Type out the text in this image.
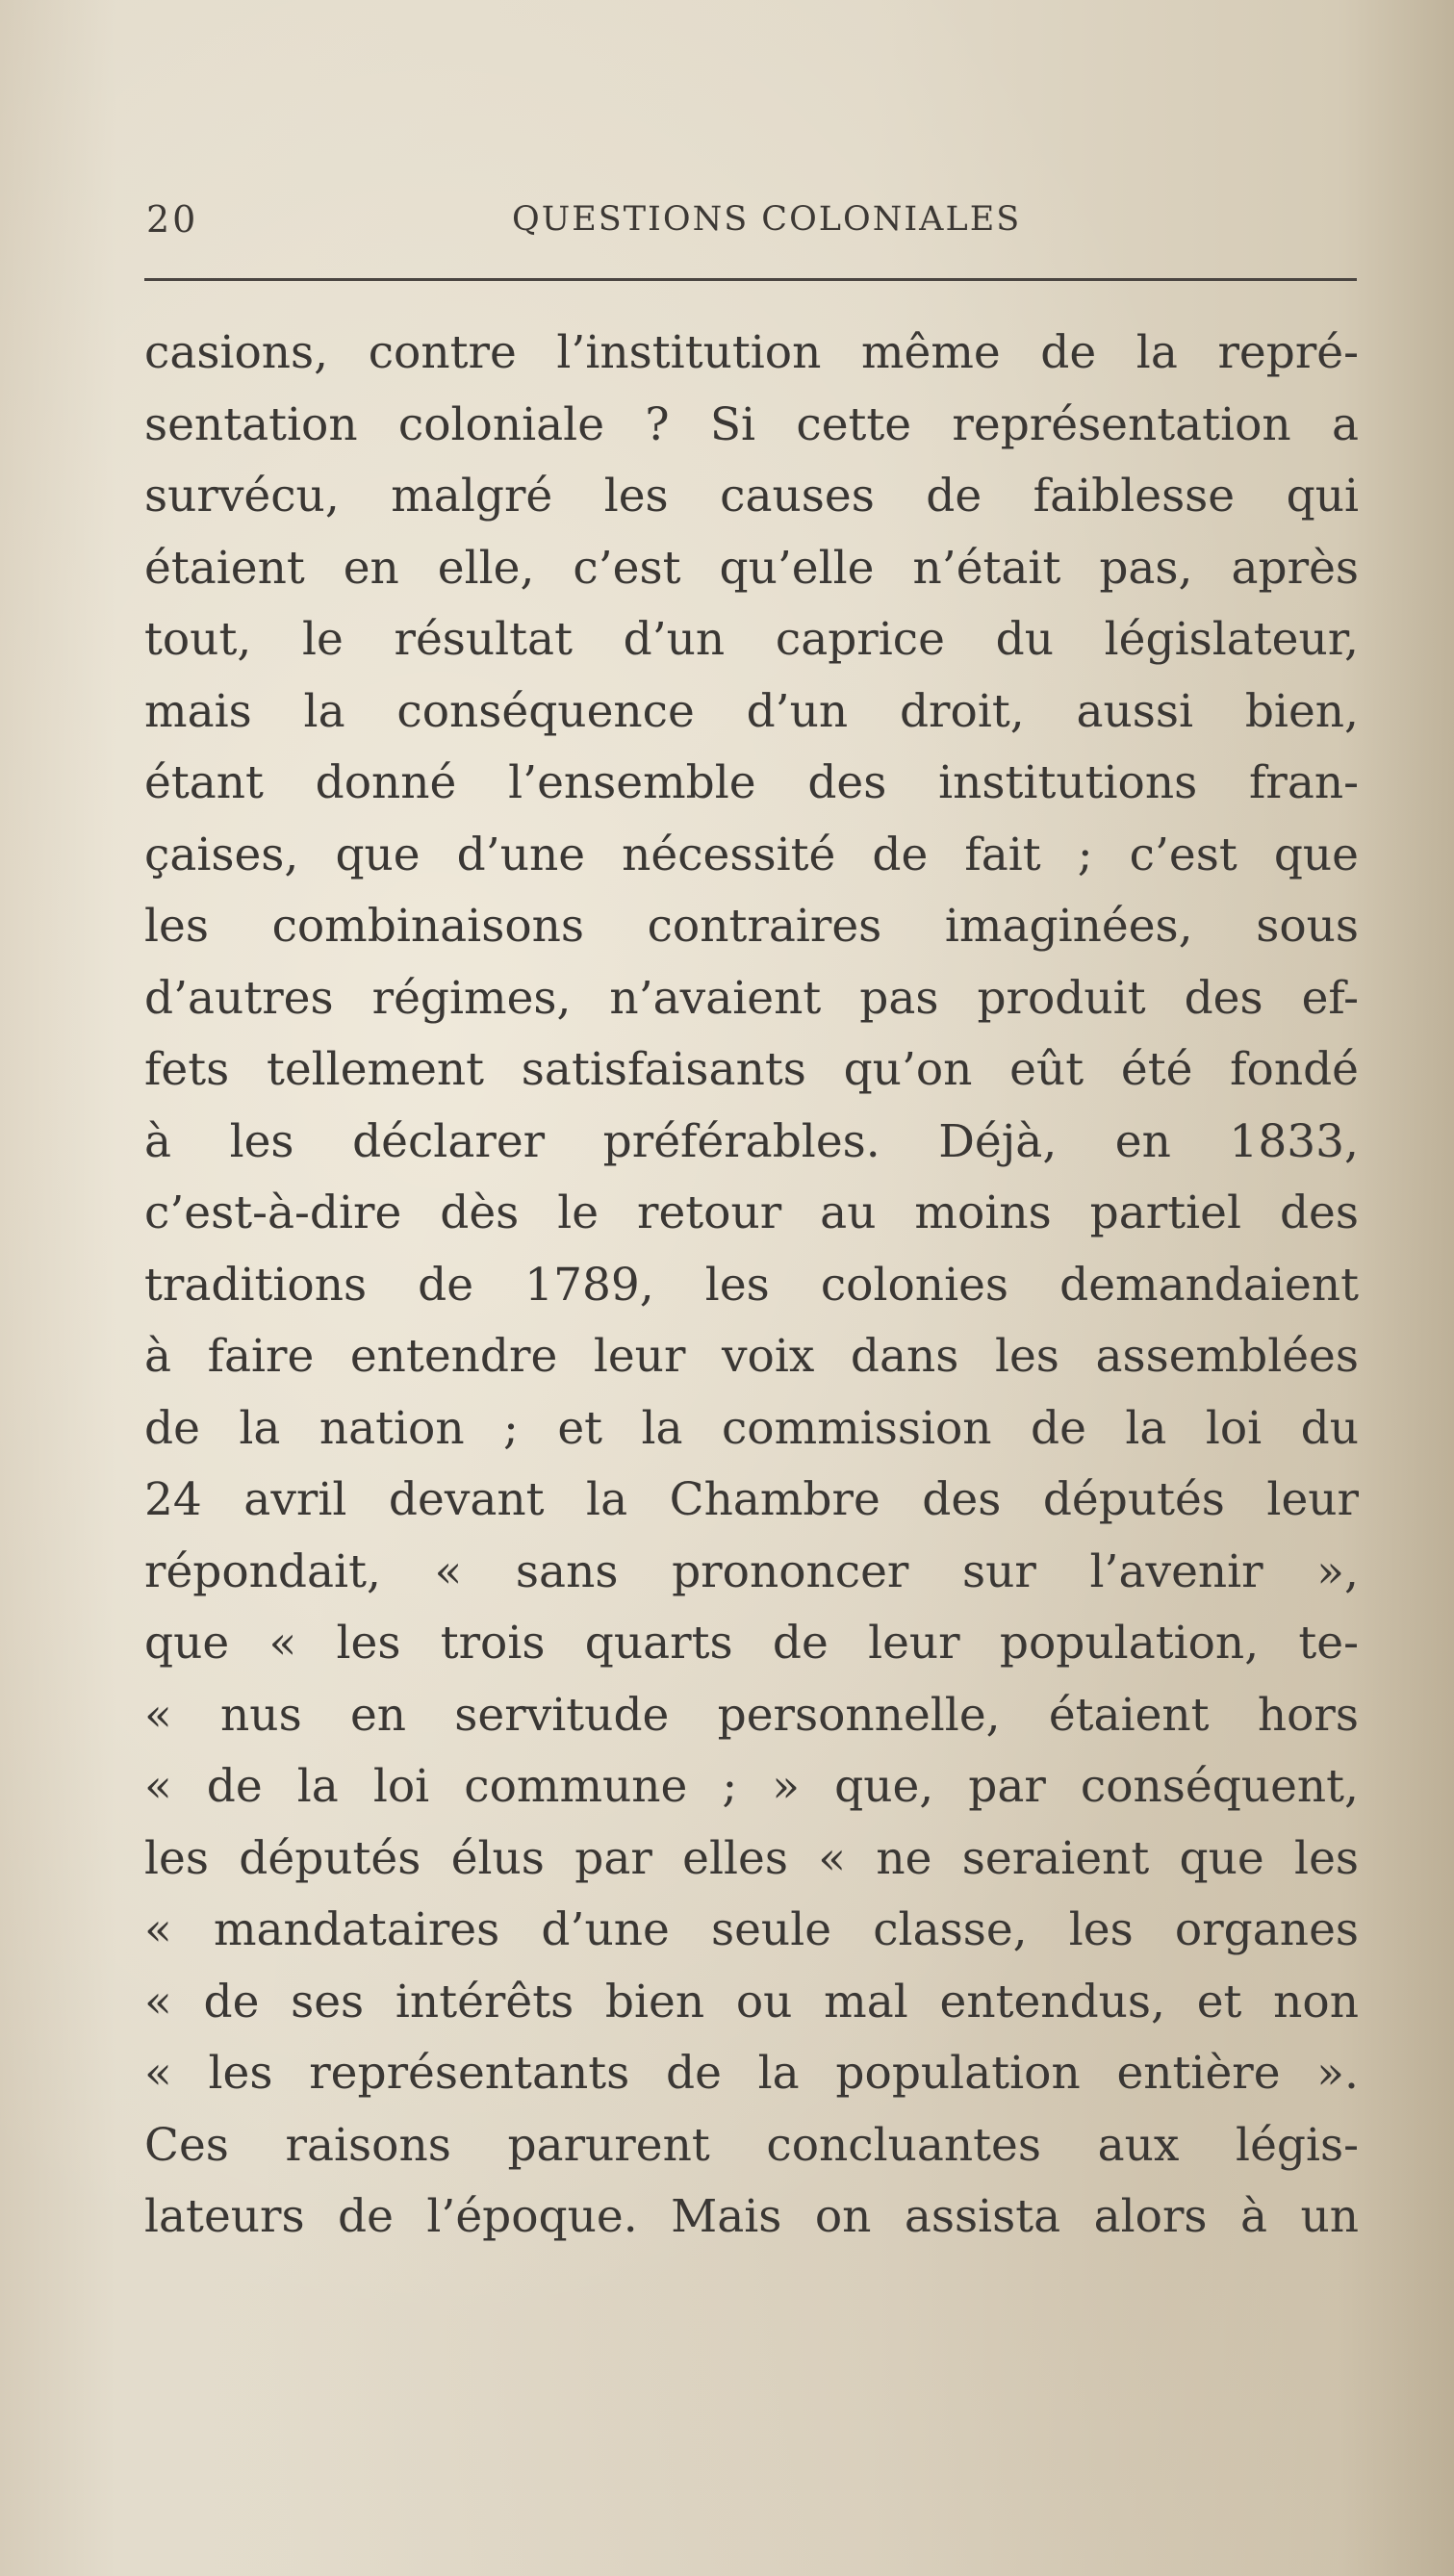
20	QUESTIONS COLONIALES
casions, contre l’institution même de la repré-
sentation coloniale ? Si cette représentation a
survécu, malgré les causes de faiblesse qui
étaient en elle, c’est qu’elle n’était pas, après
tout, le résultat d’un caprice du législateur,
mais la conséquence d’un droit, aussi bien,
étant donné l’ensemble des institutions fran-
çaises, que d’une nécessité de fait ; c’est que
les combinaisons contraires imaginées, sous
d’autres régimes, n’avaient pas produit des ef-
fets tellement satisfaisants qu’on eût été fondé
à les déclarer préférables. Déjà, en 1833,
c’est-à-dire dès le retour au moins partiel des
traditions de 1789, les colonies demandaient
à faire entendre leur voix dans les assemblées
de la nation ; et la commission de la loi du
24 avril devant la Chambre des députés leur
répondait, « sans prononcer sur l’avenir »,
que « les trois quarts de leur population, te-
« nus en servitude personnelle, étaient hors
« de la loi commune ; » que, par conséquent,
les députés élus par elles « ne seraient que les
« mandataires d’une seule classe, les organes
« de ses intérêts bien ou mal entendus, et non
« les représentants de la population entière ».
Ces raisons parurent concluantes aux légis-
lateurs de l’époque. Mais on assista alors à un
